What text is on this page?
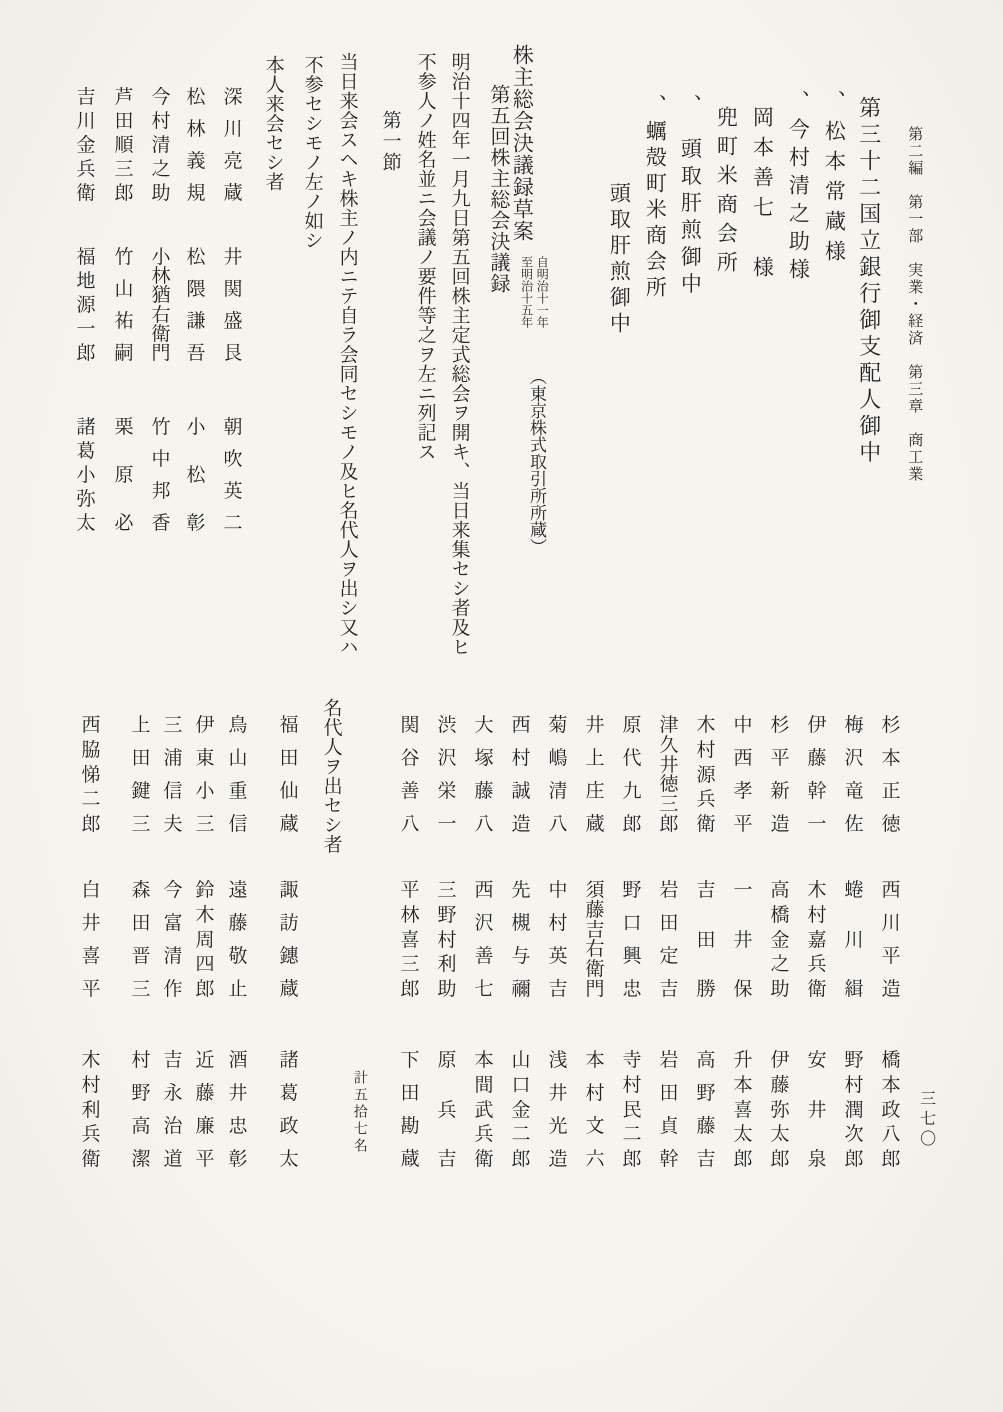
第二編　第一部　実業・経済　第三章　商工業
三七〇
第三十二国立銀行御支配人御中
、松本常蔵様
、今村清之助様
岡本善七　様
兜町米商会所
、　頭取肝煎御中
、蠣殻町米商会所
頭取肝煎御中
株主総会決議録草案
自明治十一年
至明治十五年
（東京株式取引所所蔵）
第五回株主総会決議録
明治十四年一月九日第五回株主定式総会ヲ開キ、当日来集セシ者及ヒ
不参人ノ姓名並ニ会議ノ要件等之ヲ左ニ列記ス
第一節
当日来会スヘキ株主ノ内ニテ自ラ会同セシモノ及ヒ名代人ヲ出シ又ハ
不参セシモノ左ノ如シ
本人来会セシ者
深
川
亮
蔵
井
関
盛
艮
朝
吹
英
二
松
林
義
規
松
隈
謙
吾
小
松
彰
今
村
清
之
助
小
林
猶
右
衛
門
竹
中
邦
香
芦
田
順
三
郎
竹
山
祐
嗣
栗
原
必
吉
川
金
兵
衛
福
地
源
一
郎
諸
葛
小
弥
太
杉
本
正
徳
西
川
平
造
橋
本
政
八
郎
梅
沢
竜
佐
蜷
川
緝
野
村
潤
次
郎
伊
藤
幹
一
木
村
嘉
兵
衛
安
井
泉
杉
平
新
造
高
橋
金
之
助
伊
藤
弥
太
郎
中
西
孝
平
一
井
保
升
本
喜
太
郎
木
村
源
兵
衛
吉
田
勝
高
野
藤
吉
津
久
井
徳
三
郎
岩
田
定
吉
岩
田
貞
幹
原
代
九
郎
野
口
興
忠
寺
村
民
二
郎
井
上
庄
蔵
須
藤
吉
右
衛
門
本
村
文
六
菊
嶋
清
八
中
村
英
吉
浅
井
光
造
西
村
誠
造
先
槻
与
禰
山
口
金
二
郎
大
塚
藤
八
西
沢
善
七
本
間
武
兵
衛
渋
沢
栄
一
三
野
村
利
助
原
兵
吉
関
谷
善
八
平
林
喜
三
郎
下
田
勘
蔵
計五拾七名
名代人ヲ出セシ者
福
田
仙
蔵
諏
訪
鏸
蔵
諸
葛
政
太
鳥
山
重
信
遠
藤
敬
止
酒
井
忠
彰
伊
東
小
三
鈴
木
周
四
郎
近
藤
廉
平
三
浦
信
夫
今
富
清
作
吉
永
治
道
上
田
鍵
三
森
田
晋
三
村
野
高
潔
西
脇
悌
二
郎
白
井
喜
平
木
村
利
兵
衛
